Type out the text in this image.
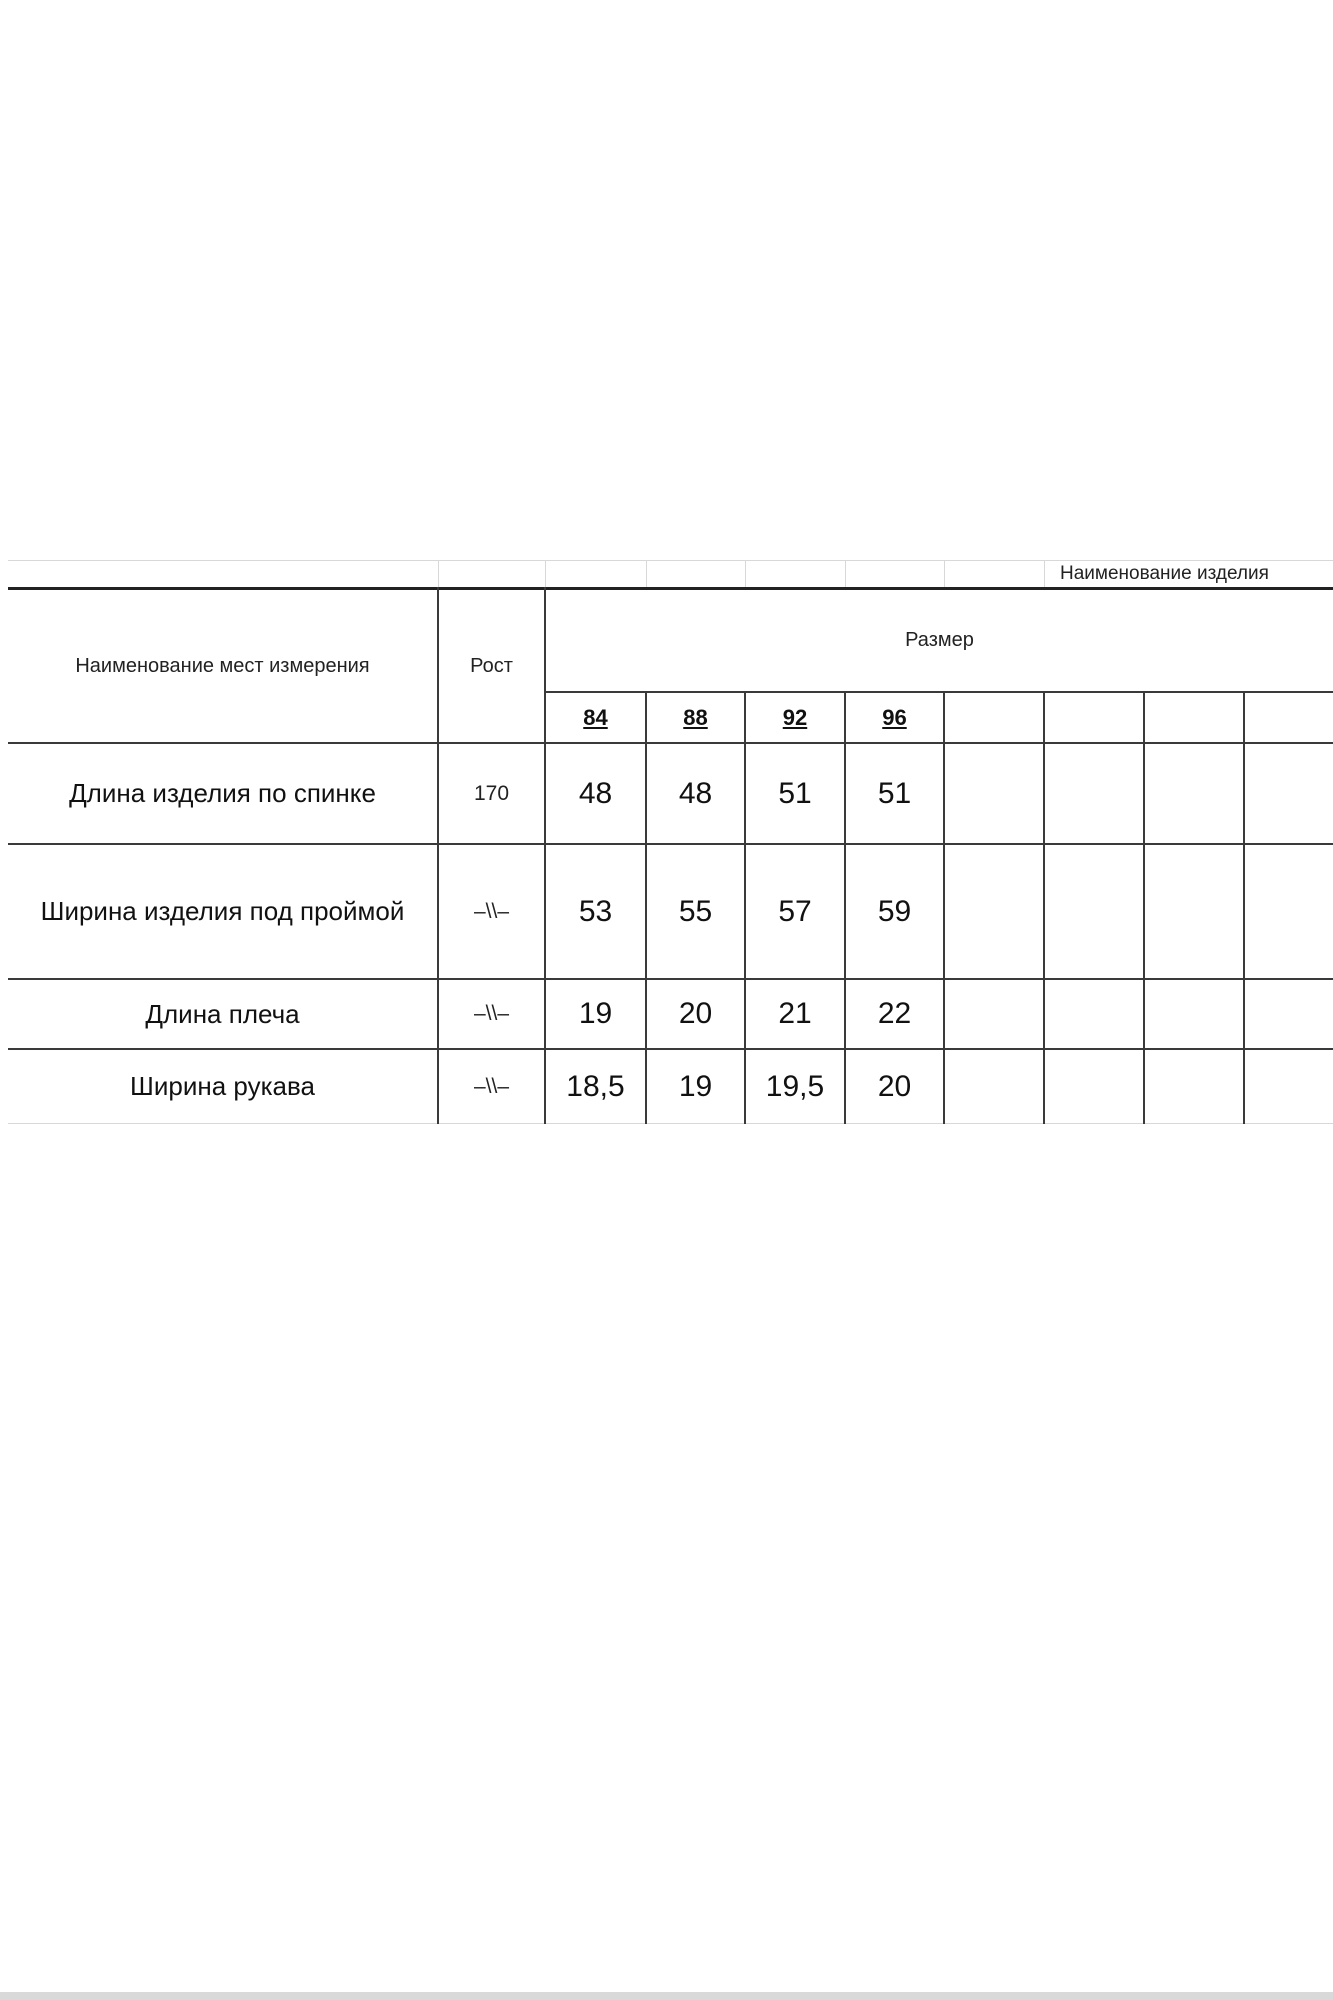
Наименование изделия
Наименование мест измерения	Рост
Размер
84	88	92	96
Длина изделия по спинке	170	48	48	51	51
Ширина изделия под проймой	–\\–	53	55	57	59
Длина плеча	–\\–	19	20	21	22
Ширина рукава	–\\–	18,5	19	19,5	20
